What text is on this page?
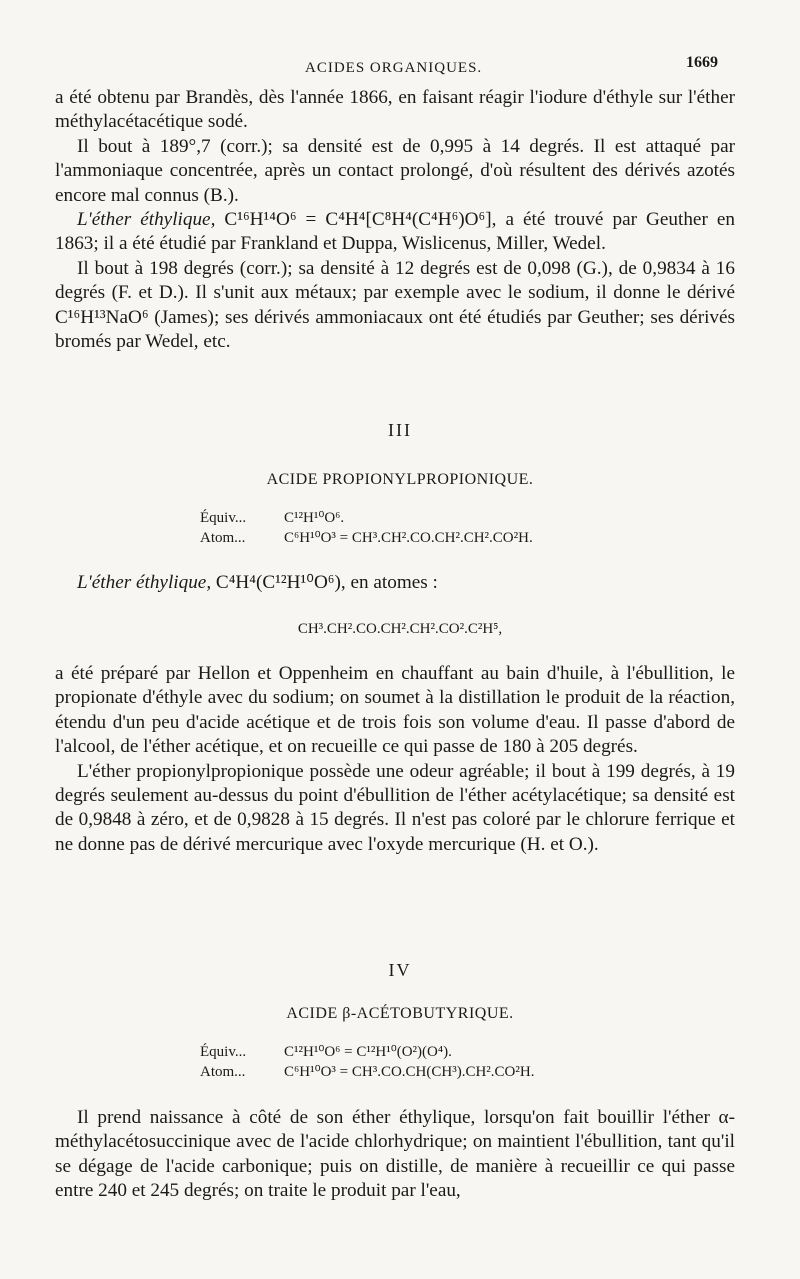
ACIDES ORGANIQUES.	1669

a été obtenu par Brandès, dès l'année 1866, en faisant réagir l'iodure d'éthyle sur l'éther méthylacétacétique sodé.

Il bout à 189°,7 (corr.); sa densité est de 0,995 à 14 degrés. Il est attaqué par l'ammoniaque concentrée, après un contact prolongé, d'où résultent des dérivés azotés encore mal connus (B.).

L'éther éthylique, C¹⁶H¹⁴O⁶ = C⁴H⁴[C⁸H⁴(C⁴H⁶)O⁶], a été trouvé par Geuther en 1863; il a été étudié par Frankland et Duppa, Wislicenus, Miller, Wedel.

Il bout à 198 degrés (corr.); sa densité à 12 degrés est de 0,098 (G.), de 0,9834 à 16 degrés (F. et D.). Il s'unit aux métaux; par exemple avec le sodium, il donne le dérivé C¹⁶H¹³NaO⁶ (James); ses dérivés ammoniacaux ont été étudiés par Geuther; ses dérivés bromés par Wedel, etc.

III
ACIDE PROPIONYLPROPIONIQUE.
Équiv...	C¹²H¹⁰O⁶.
Atom...	C⁶H¹⁰O³ = CH³.CH².CO.CH².CH².CO²H.
L'éther éthylique, C⁴H⁴(C¹²H¹⁰O⁶), en atomes :
CH³.CH².CO.CH².CH².CO².C²H⁵,

a été préparé par Hellon et Oppenheim en chauffant au bain d'huile, à l'ébullition, le propionate d'éthyle avec du sodium; on soumet à la distillation le produit de la réaction, étendu d'un peu d'acide acétique et de trois fois son volume d'eau. Il passe d'abord de l'alcool, de l'éther acétique, et on recueille ce qui passe de 180 à 205 degrés.

L'éther propionylpropionique possède une odeur agréable; il bout à 199 degrés, à 19 degrés seulement au-dessus du point d'ébullition de l'éther acétylacétique; sa densité est de 0,9848 à zéro, et de 0,9828 à 15 degrés. Il n'est pas coloré par le chlorure ferrique et ne donne pas de dérivé mercurique avec l'oxyde mercurique (H. et O.).

IV
ACIDE β-ACÉTOBUTYRIQUE.
Équiv...	C¹²H¹⁰O⁶ = C¹²H¹⁰(O²)(O⁴).
Atom...	C⁶H¹⁰O³ = CH³.CO.CH(CH³).CH².CO²H.

Il prend naissance à côté de son éther éthylique, lorsqu'on fait bouillir l'éther α-méthylacétosuccinique avec de l'acide chlorhydrique; on maintient l'ébullition, tant qu'il se dégage de l'acide carbonique; puis on distille, de manière à recueillir ce qui passe entre 240 et 245 degrés; on traite le produit par l'eau,
